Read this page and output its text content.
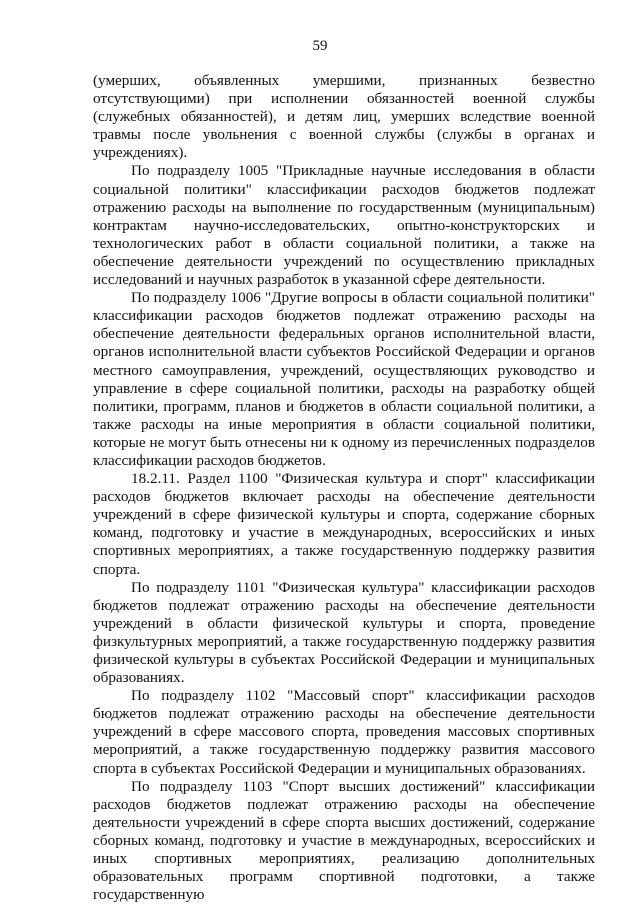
59

(умерших, объявленных умершими, признанных безвестно отсутствующими) при исполнении обязанностей военной службы (служебных обязанностей), и детям лиц, умерших вследствие военной травмы после увольнения с военной службы (службы в органах и учреждениях).

По подразделу 1005 "Прикладные научные исследования в области социальной политики" классификации расходов бюджетов подлежат отражению расходы на выполнение по государственным (муниципальным) контрактам научно-исследовательских, опытно-конструкторских и технологических работ в области социальной политики, а также на обеспечение деятельности учреждений по осуществлению прикладных исследований и научных разработок в указанной сфере деятельности.

По подразделу 1006 "Другие вопросы в области социальной политики" классификации расходов бюджетов подлежат отражению расходы на обеспечение деятельности федеральных органов исполнительной власти, органов исполнительной власти субъектов Российской Федерации и органов местного самоуправления, учреждений, осуществляющих руководство и управление в сфере социальной политики, расходы на разработку общей политики, программ, планов и бюджетов в области социальной политики, а также расходы на иные мероприятия в области социальной политики, которые не могут быть отнесены ни к одному из перечисленных подразделов классификации расходов бюджетов.

18.2.11. Раздел 1100 "Физическая культура и спорт" классификации расходов бюджетов включает расходы на обеспечение деятельности учреждений в сфере физической культуры и спорта, содержание сборных команд, подготовку и участие в международных, всероссийских и иных спортивных мероприятиях, а также государственную поддержку развития спорта.

По подразделу 1101 "Физическая культура" классификации расходов бюджетов подлежат отражению расходы на обеспечение деятельности учреждений в области физической культуры и спорта, проведение физкультурных мероприятий, а также государственную поддержку развития физической культуры в субъектах Российской Федерации и муниципальных образованиях.

По подразделу 1102 "Массовый спорт" классификации расходов бюджетов подлежат отражению расходы на обеспечение деятельности учреждений в сфере массового спорта, проведения массовых спортивных мероприятий, а также государственную поддержку развития массового спорта в субъектах Российской Федерации и муниципальных образованиях.

По подразделу 1103 "Спорт высших достижений" классификации расходов бюджетов подлежат отражению расходы на обеспечение деятельности учреждений в сфере спорта высших достижений, содержание сборных команд, подготовку и участие в международных, всероссийских и иных спортивных мероприятиях, реализацию дополнительных образовательных программ спортивной подготовки, а также государственную
